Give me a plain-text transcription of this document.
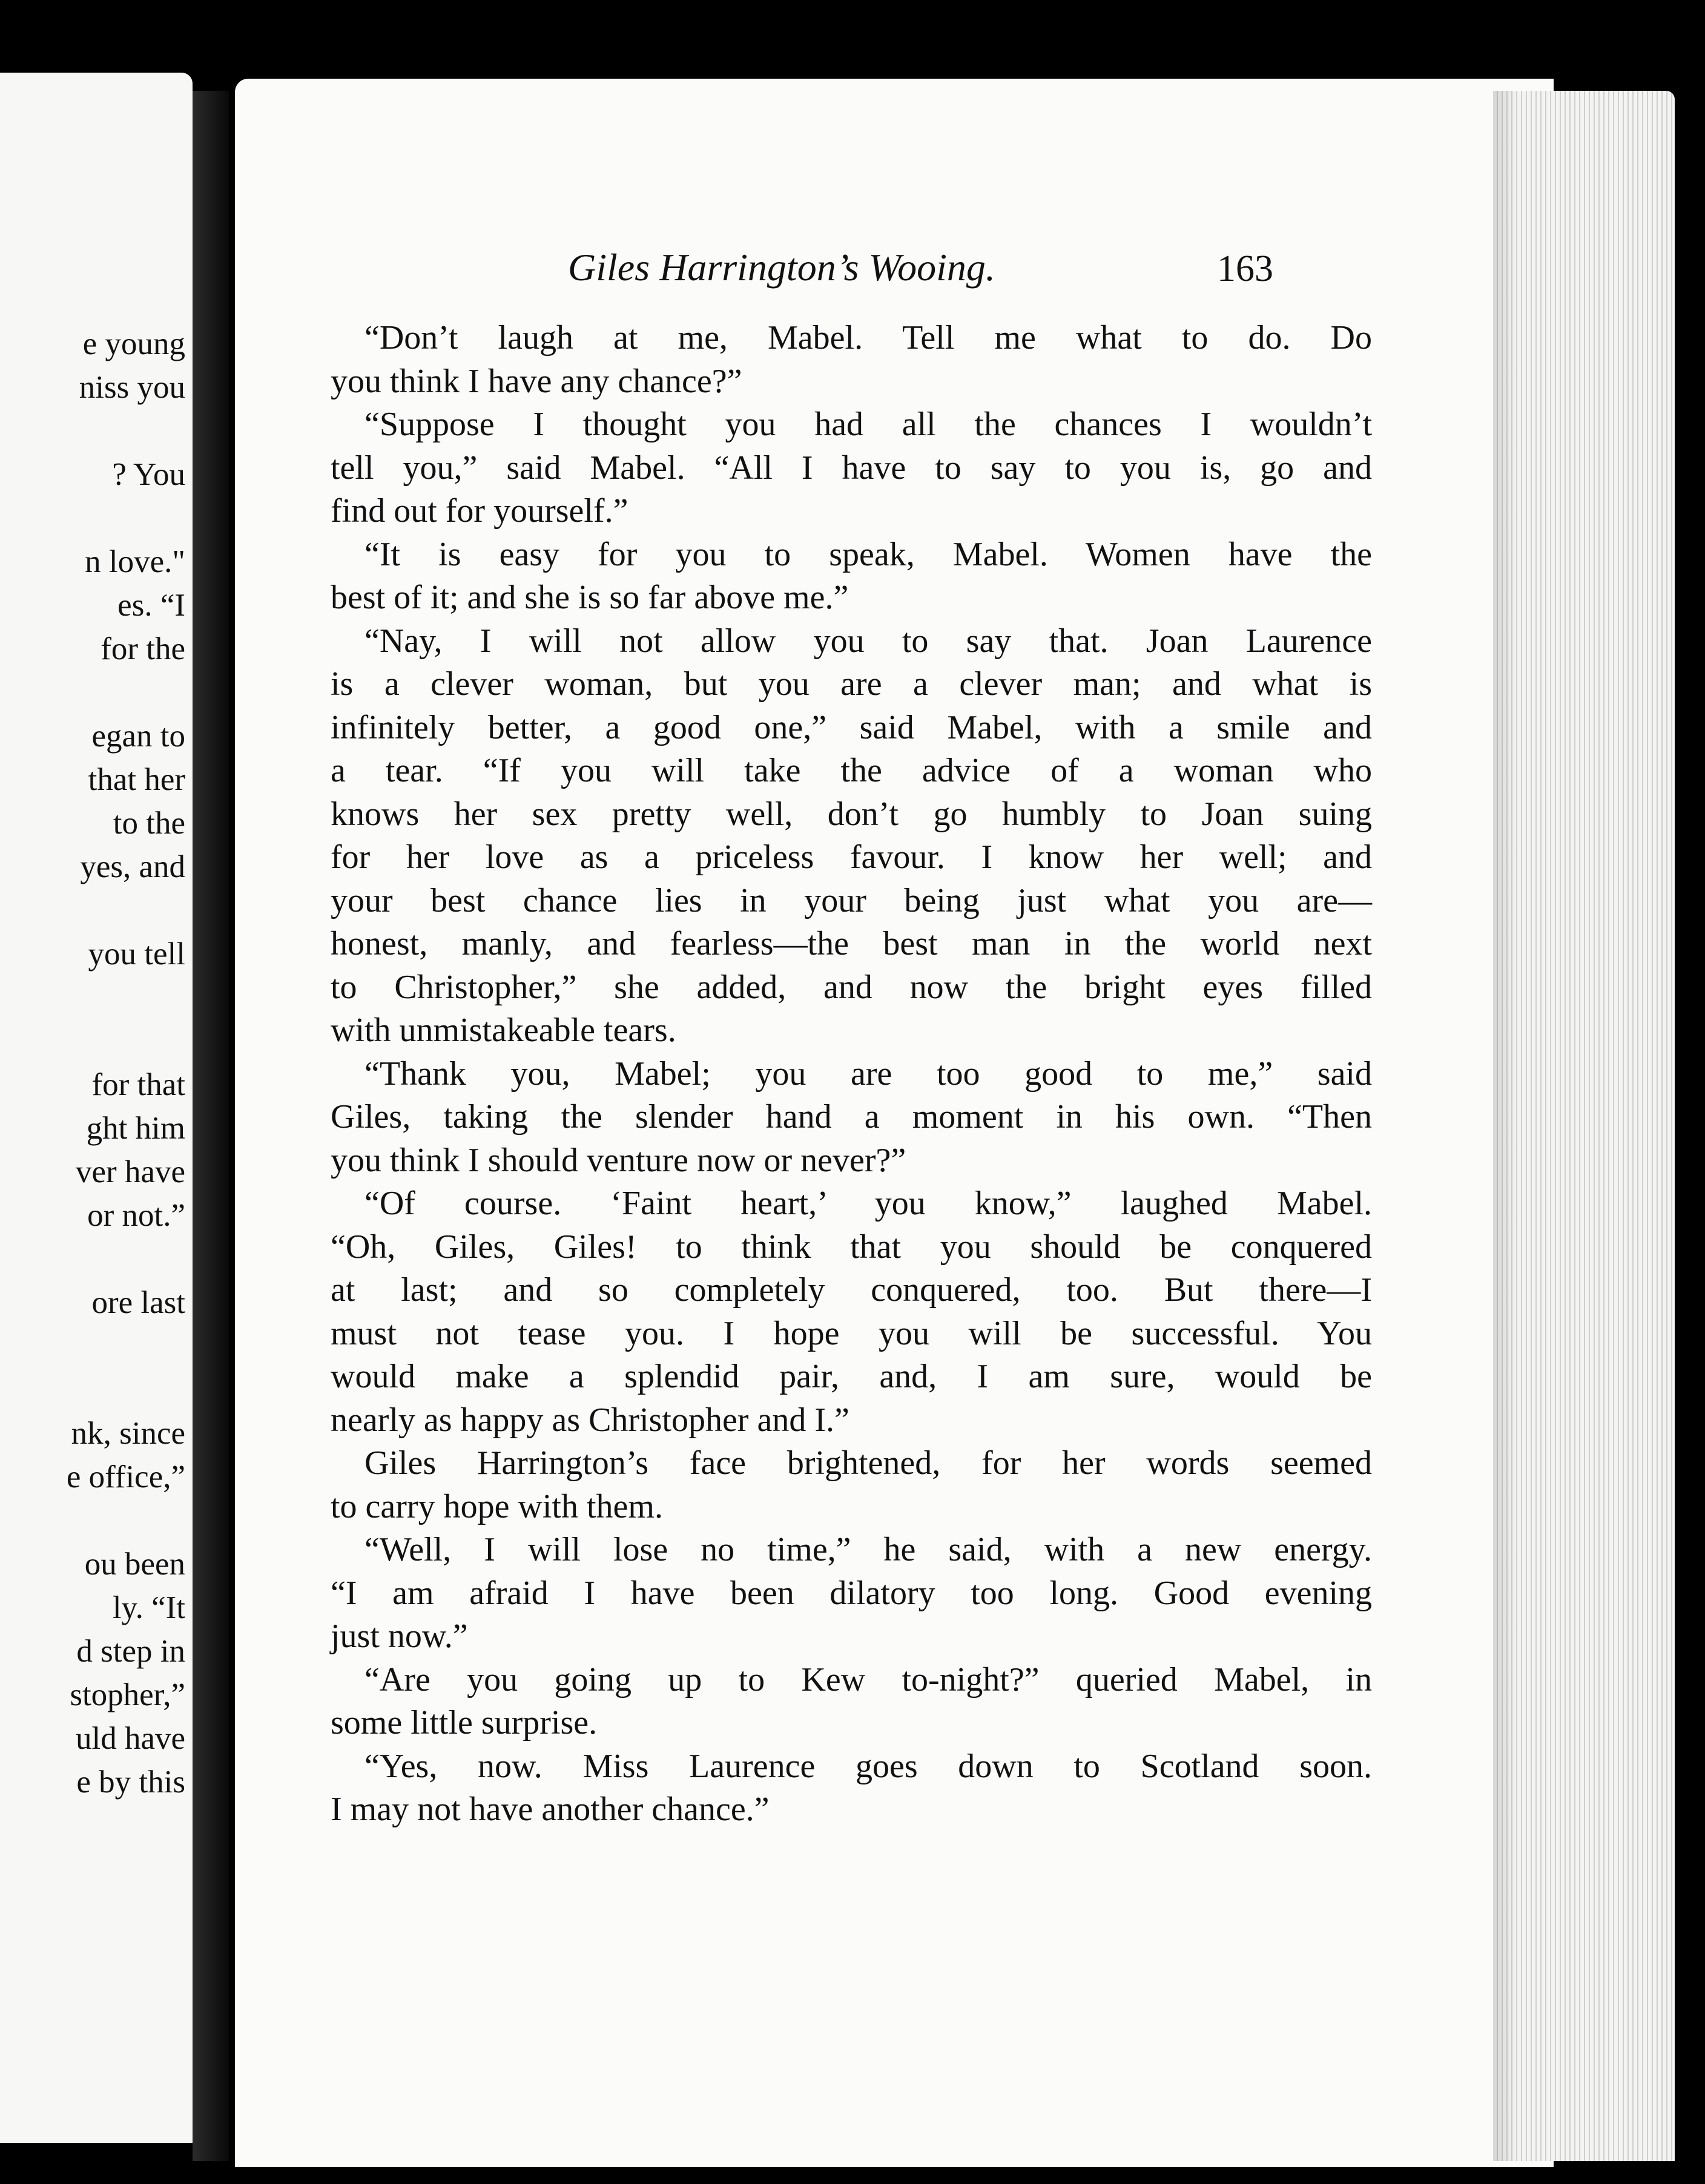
e young
niss you
? You
n love."
es. “I
for the
egan to
that her
to the
yes, and
you tell
for that
ght him
ver have
or not.”
ore last
nk, since
e office,”
ou been
ly. “It
d step in
stopher,”
uld have
e by this
Giles Harrington’s Wooing.	163
“Don’t laugh at me, Mabel. Tell me what to do. Do
you think I have any chance?”
“Suppose I thought you had all the chances I wouldn’t
tell you,” said Mabel. “All I have to say to you is, go and
find out for yourself.”
“It is easy for you to speak, Mabel. Women have the
best of it; and she is so far above me.”
“Nay, I will not allow you to say that. Joan Laurence
is a clever woman, but you are a clever man; and what is
infinitely better, a good one,” said Mabel, with a smile and
a tear. “If you will take the advice of a woman who
knows her sex pretty well, don’t go humbly to Joan suing
for her love as a priceless favour. I know her well; and
your best chance lies in your being just what you are—
honest, manly, and fearless—the best man in the world next
to Christopher,” she added, and now the bright eyes filled
with unmistakeable tears.
“Thank you, Mabel; you are too good to me,” said
Giles, taking the slender hand a moment in his own. “Then
you think I should venture now or never?”
“Of course. ‘Faint heart,’ you know,” laughed Mabel.
“Oh, Giles, Giles! to think that you should be conquered
at last; and so completely conquered, too. But there—I
must not tease you. I hope you will be successful. You
would make a splendid pair, and, I am sure, would be
nearly as happy as Christopher and I.”
Giles Harrington’s face brightened, for her words seemed
to carry hope with them.
“Well, I will lose no time,” he said, with a new energy.
“I am afraid I have been dilatory too long. Good evening
just now.”
“Are you going up to Kew to-night?” queried Mabel, in
some little surprise.
“Yes, now. Miss Laurence goes down to Scotland soon.
I may not have another chance.”
